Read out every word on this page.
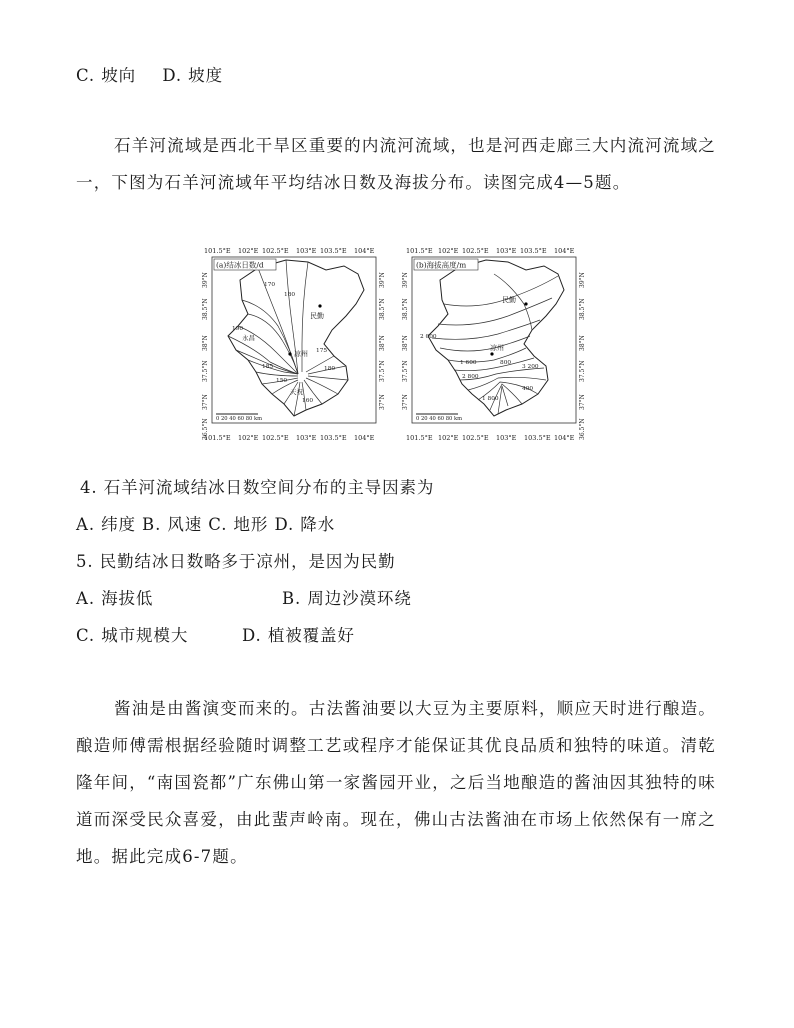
C. 坡向 D. 坡度
石羊河流域是西北干旱区重要的内流河流域，也是河西走廊三大内流河流域之一，下图为石羊河流域年平均结冰日数及海拔分布。读图完成4—5题。
101.5°E 102°E 102.5°E 103°E 103.5°E 104°E
39°N
38.5°N
38°N
37.5°N
37°N
36.5°N
39°N
38.5°N
38°N
37.5°N
37°N
民勤
凉州
永昌
天祝
170
180
190
175
185	180
160
150
(a)结冰日数/d
0 20 40 60 80 km
101.5°E 102°E 102.5°E 103°E 103.5°E 104°E
101.5°E 102°E 102.5°E 103°E 103.5°E 104°E
39°N
38.5°N
38°N
37.5°N
37°N
39°N
38.5°N
38°N
37.5°N
37°N
36.5°N
民勤
凉州
2 000
1 600
2 800
3 200
400
800
1 800
(b)海拔高度/m
0 20 40 60 80 km
101.5°E 102°E 102.5°E 103°E 103.5°E 104°E
4. 石羊河流域结冰日数空间分布的主导因素为
A. 纬度 B. 风速 C. 地形 D. 降水
5. 民勤结冰日数略多于凉州，是因为民勤
A. 海拔低	B. 周边沙漠环绕
C. 城市规模大	D. 植被覆盖好
酱油是由酱演变而来的。古法酱油要以大豆为主要原料，顺应天时进行酿造。酿造师傅需根据经验随时调整工艺或程序才能保证其优良品质和独特的味道。清乾隆年间，“南国瓷都”广东佛山第一家酱园开业，之后当地酿造的酱油因其独特的味道而深受民众喜爱，由此蜚声岭南。现在，佛山古法酱油在市场上依然保有一席之地。据此完成6-7题。
